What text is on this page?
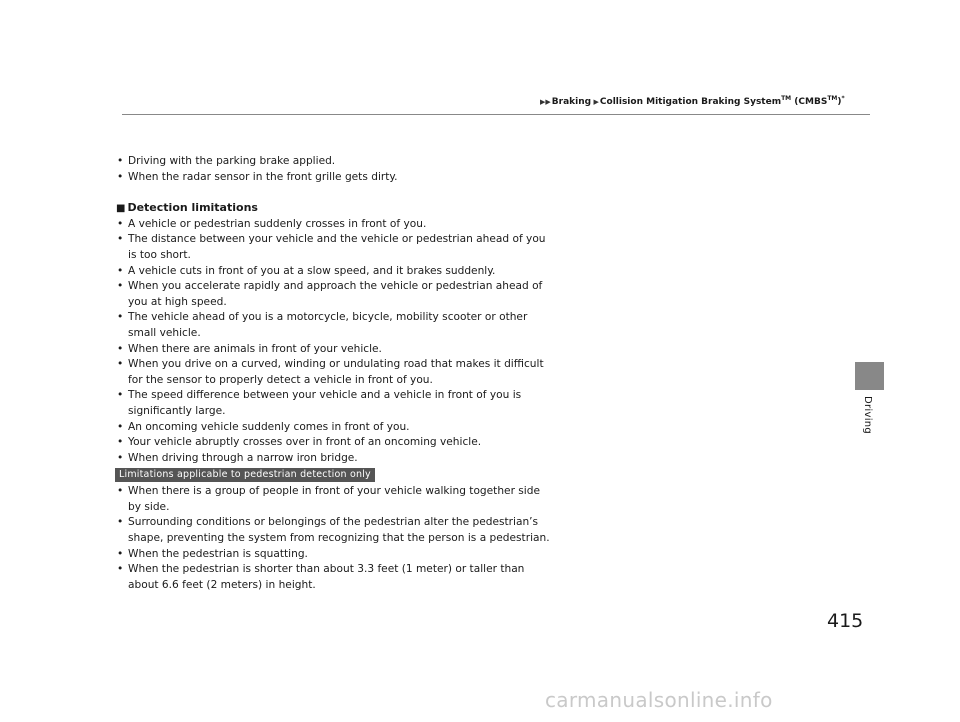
▶▶Braking ▶Collision Mitigation Braking System™ (CMBS™)*
• Driving with the parking brake applied.
• When the radar sensor in the front grille gets dirty.
■ Detection limitations
• A vehicle or pedestrian suddenly crosses in front of you.
• The distance between your vehicle and the vehicle or pedestrian ahead of you is too short.
• A vehicle cuts in front of you at a slow speed, and it brakes suddenly.
• When you accelerate rapidly and approach the vehicle or pedestrian ahead of you at high speed.
• The vehicle ahead of you is a motorcycle, bicycle, mobility scooter or other small vehicle.
• When there are animals in front of your vehicle.
• When you drive on a curved, winding or undulating road that makes it difficult for the sensor to properly detect a vehicle in front of you.
• The speed difference between your vehicle and a vehicle in front of you is significantly large.
• An oncoming vehicle suddenly comes in front of you.
• Your vehicle abruptly crosses over in front of an oncoming vehicle.
• When driving through a narrow iron bridge.
Limitations applicable to pedestrian detection only
• When there is a group of people in front of your vehicle walking together side by side.
• Surrounding conditions or belongings of the pedestrian alter the pedestrian’s shape, preventing the system from recognizing that the person is a pedestrian.
• When the pedestrian is squatting.
• When the pedestrian is shorter than about 3.3 feet (1 meter) or taller than about 6.6 feet (2 meters) in height.
Driving
415
carmanualsonline.info
